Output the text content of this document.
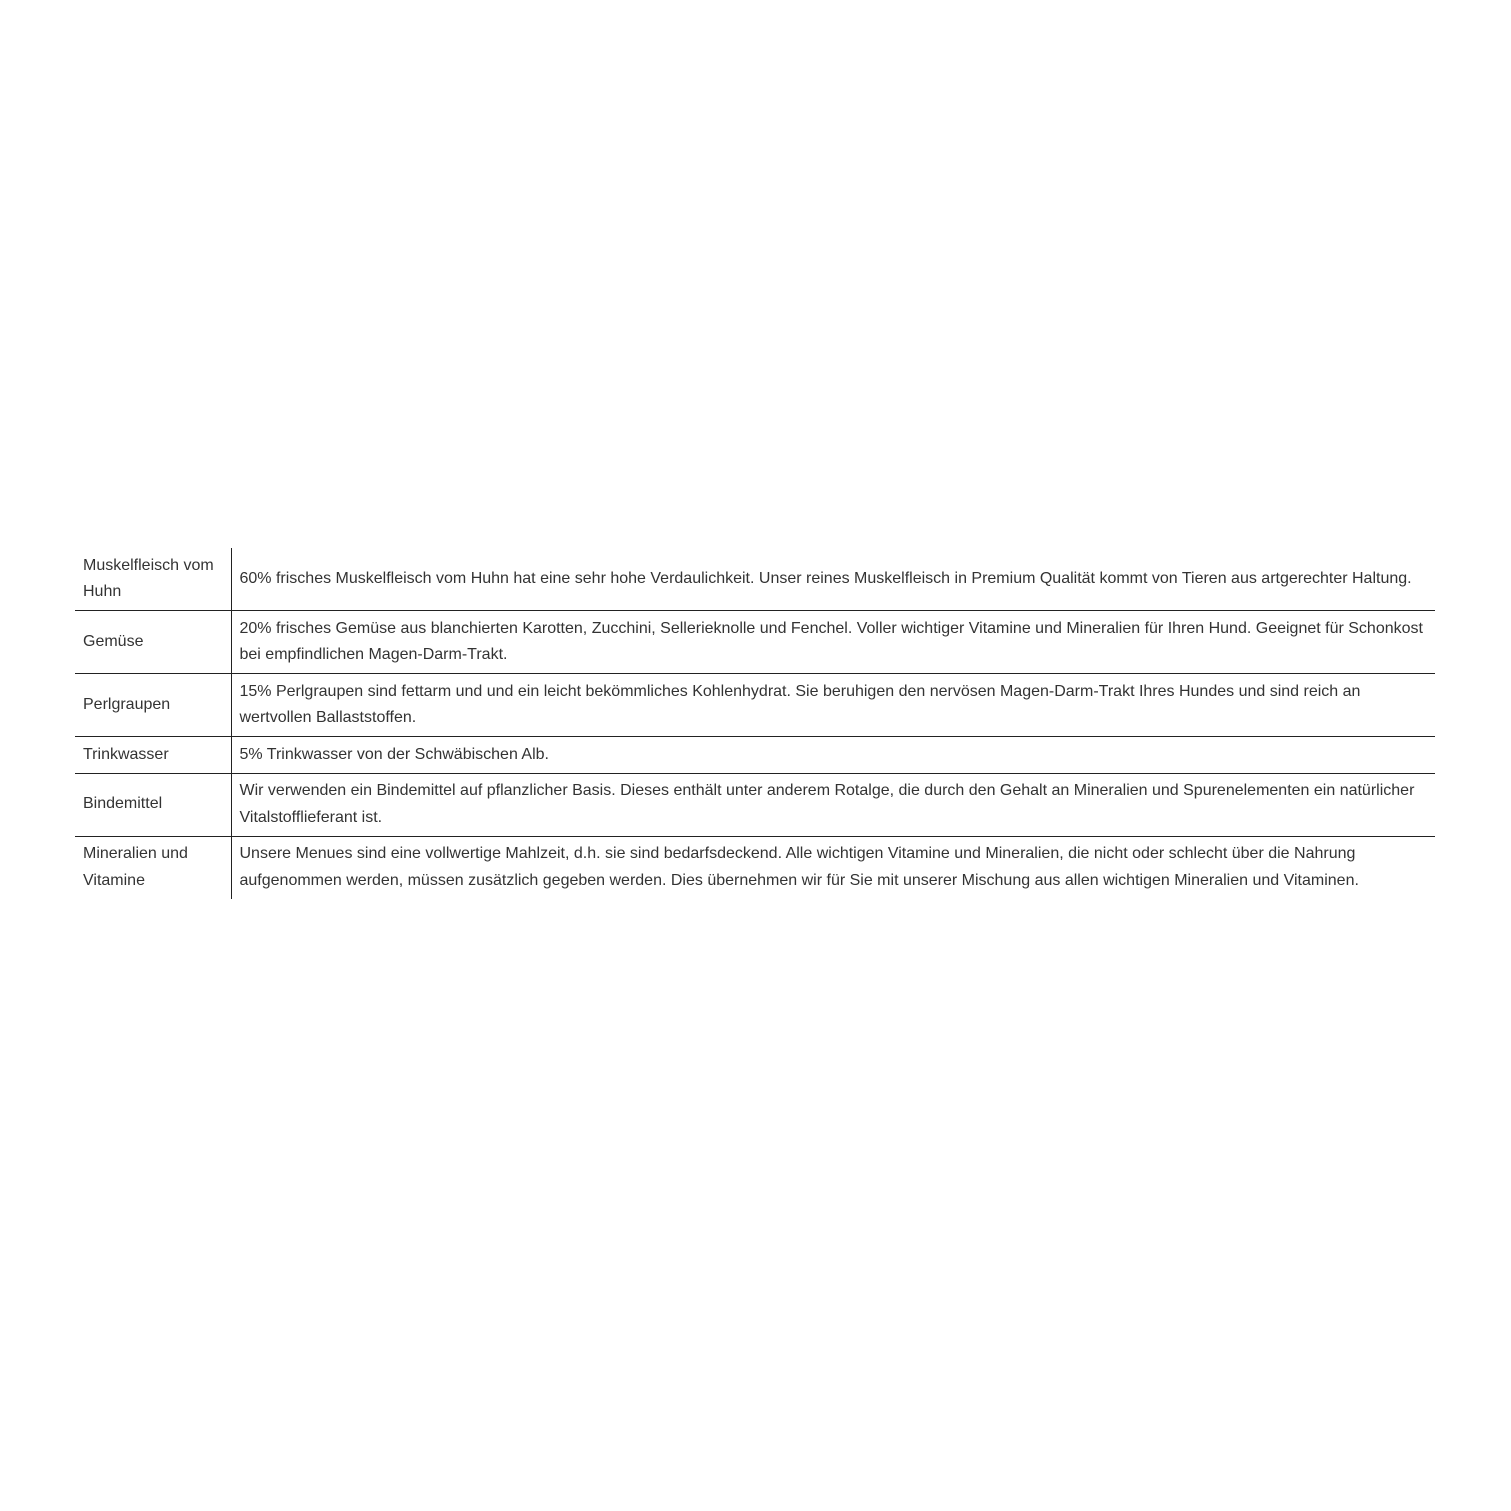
Muskelfleisch vom Huhn	60% frisches Muskelfleisch vom Huhn hat eine sehr hohe Verdaulichkeit. Unser reines Muskelfleisch in Premium Qualität kommt von Tieren aus artgerechter Haltung.
Gemüse	20% frisches Gemüse aus blanchierten Karotten, Zucchini, Sellerieknolle und Fenchel. Voller wichtiger Vitamine und Mineralien für Ihren Hund. Geeignet für Schonkost bei empfindlichen Magen-Darm-Trakt.
Perlgraupen	15% Perlgraupen sind fettarm und und ein leicht bekömmliches Kohlenhydrat. Sie beruhigen den nervösen Magen-Darm-Trakt Ihres Hundes und sind reich an wertvollen Ballaststoffen.
Trinkwasser	5% Trinkwasser von der Schwäbischen Alb.
Bindemittel	Wir verwenden ein Bindemittel auf pflanzlicher Basis. Dieses enthält unter anderem Rotalge, die durch den Gehalt an Mineralien und Spurenelementen ein natürlicher Vitalstofflieferant ist.
Mineralien und Vitamine	Unsere Menues sind eine vollwertige Mahlzeit, d.h. sie sind bedarfsdeckend. Alle wichtigen Vitamine und Mineralien, die nicht oder schlecht über die Nahrung aufgenommen werden, müssen zusätzlich gegeben werden. Dies übernehmen wir für Sie mit unserer Mischung aus allen wichtigen Mineralien und Vitaminen.
